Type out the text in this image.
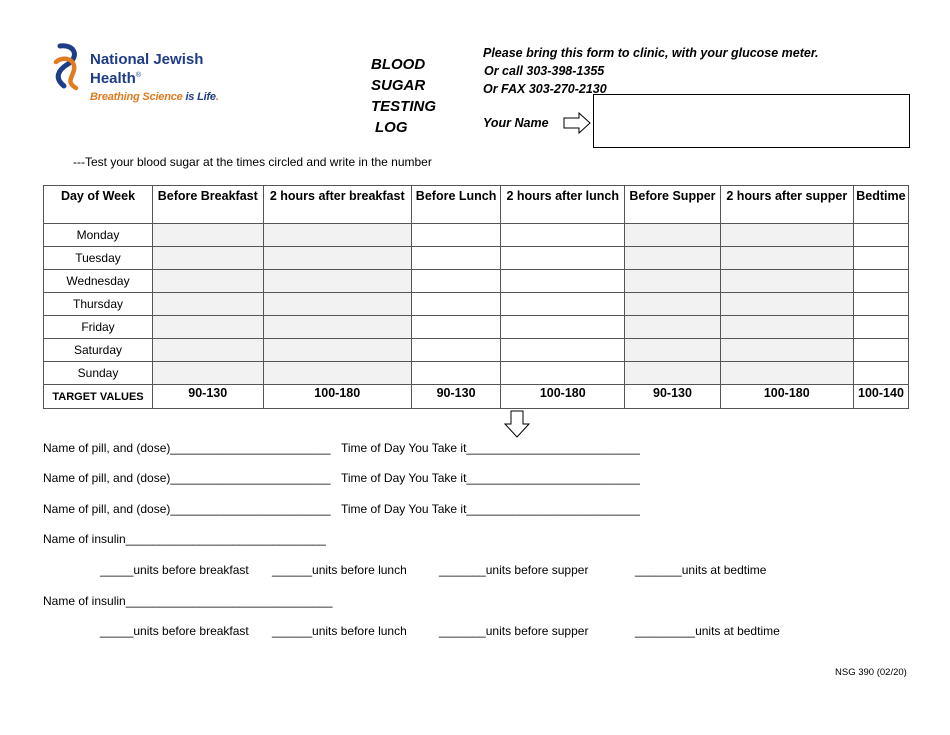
National Jewish
Health®
Breathing Science is Life.
BLOOD
SUGAR
TESTING
LOG
Please bring this form to clinic, with your glucose meter.
Or call 303-398-1355
Or FAX 303-270-2130
Your Name
---Test your blood sugar at the times circled and write in the number
Day of Week	Before Breakfast	2 hours after breakfast	Before Lunch	2 hours after lunch	Before Supper	2 hours after supper	Bedtime
Monday							
Tuesday							
Wednesday							
Thursday							
Friday							
Saturday							
Sunday							
TARGET VALUES	90-130	100-180	90-130	100-180	90-130	100-180	100-140
Name of pill, and (dose)________________________ Time of Day You Take it__________________________
Name of pill, and (dose)________________________ Time of Day You Take it__________________________
Name of pill, and (dose)________________________ Time of Day You Take it__________________________
Name of insulin______________________________
_____units before breakfast ______units before lunch	_______units before supper	_______units at bedtime
Name of insulin_______________________________
_____units before breakfast ______units before lunch	_______units before supper	_________units at bedtime
NSG 390 (02/20)
